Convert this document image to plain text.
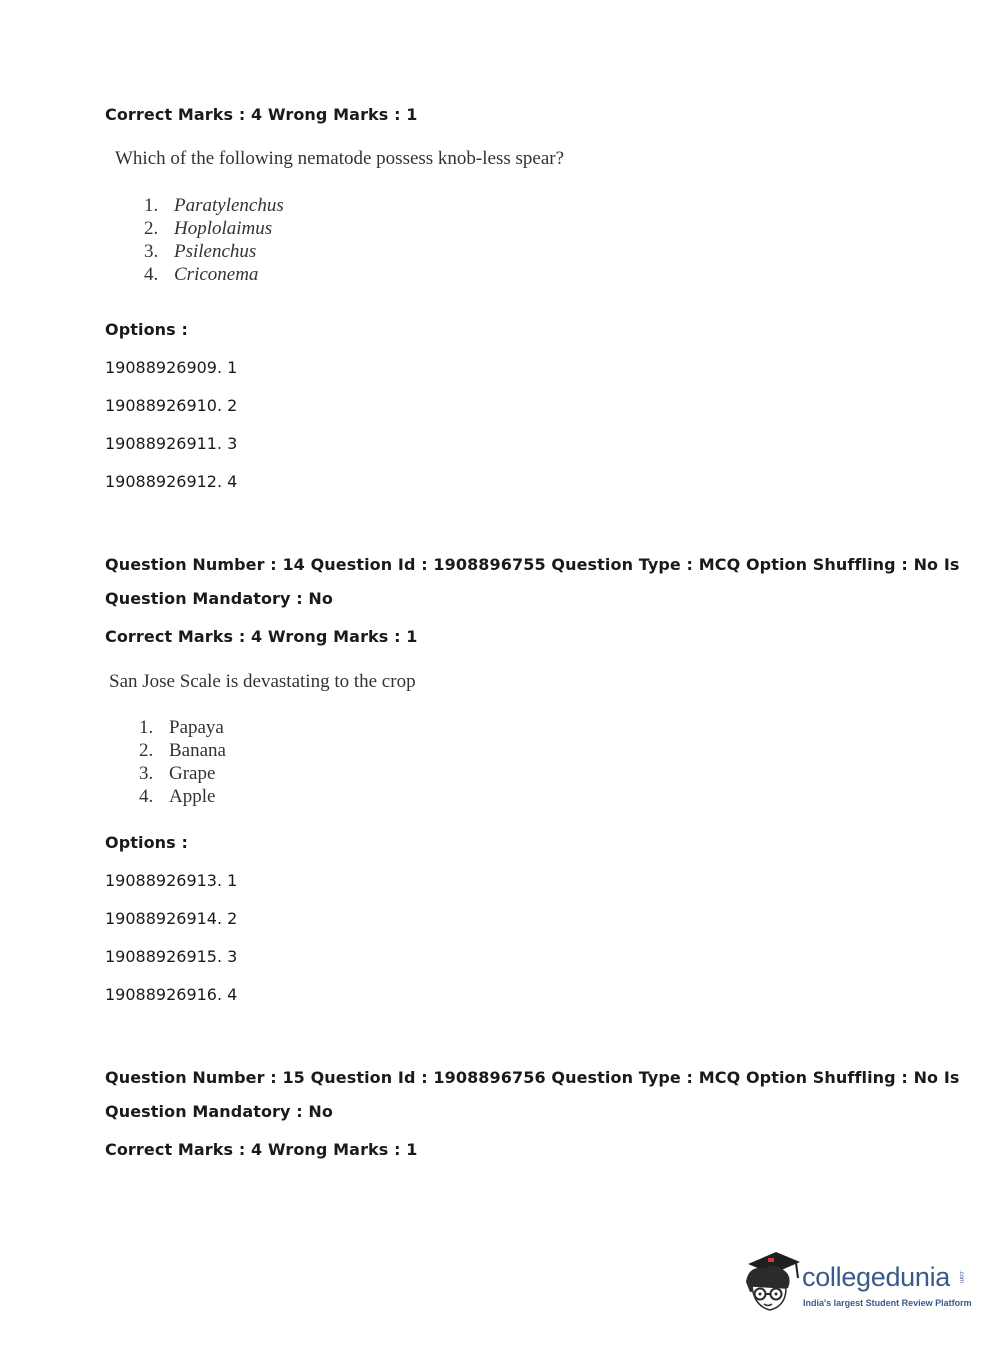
Correct Marks : 4 Wrong Marks : 1
Which of the following nematode possess knob-less spear?
1. Paratylenchus
2. Hoplolaimus
3. Psilenchus
4. Criconema
Options :
19088926909. 1
19088926910. 2
19088926911. 3
19088926912. 4
Question Number : 14 Question Id : 1908896755 Question Type : MCQ Option Shuffling : No Is
Question Mandatory : No
Correct Marks : 4 Wrong Marks : 1
San Jose Scale is devastating to the crop
1. Papaya
2. Banana
3. Grape
4. Apple
Options :
19088926913. 1
19088926914. 2
19088926915. 3
19088926916. 4
Question Number : 15 Question Id : 1908896756 Question Type : MCQ Option Shuffling : No Is
Question Mandatory : No
Correct Marks : 4 Wrong Marks : 1
collegedunia .com
India's largest Student Review Platform
